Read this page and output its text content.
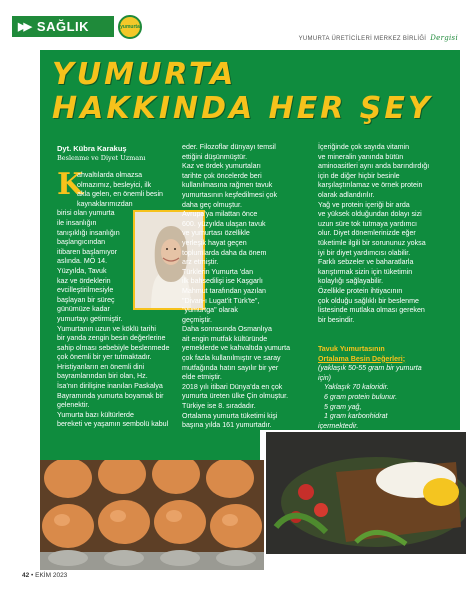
▶▶ SAĞLIK	yumurta
YUMURTA ÜRETİCİLERİ MERKEZ BİRLİĞİ Dergisi
YUMURTA
HAKKINDA HER ŞEY
Dyt. Kübra Karakuş
Beslenme ve Diyet Uzmanı
K
ahvaltılarda olmazsa
olmazımız, besleyici, ilk
akla gelen, en önemli besin
kaynaklarımızdan
birisi olan yumurta
ile insanlığın
tanışıklığı insanlığın
başlangıcından
itibaren başlamıyor
aslında. MÖ 14.
Yüzyılda, Tavuk
kaz ve ördeklerin
evcilleştirilmesiyle
başlayan bir süreç
günümüze kadar
yumurtayı getirmiştir.
Yumurtanın uzun ve köklü tarihi
bir yanda zengin besin değerlerine
sahip olması sebebiyle beslenmede
çok önemli bir yer tutmaktadır.
Hristiyanların en önemli dini
bayramlarından biri olan, Hz.
İsa'nın dirilişine inanılan Paskalya
Bayramında yumurta boyamak bir
gelenektir.
Yumurta bazı kültürlerde
bereketi ve yaşamın sembolü kabul
eder. Filozoflar dünyayı temsil
ettiğini düşünmüştür.
Kaz ve ördek yumurtaları
tarihte çok öncelerde beri
kullanılmasına rağmen tavuk
yumurtasının keşfedilmesi çok
daha geç olmuştur.
Avrupa'ya milattan önce
600. yüzyılda ulaşan tavuk
ve yumurtası özellikle
yerleşik hayat geçen
toplumlarda daha da önem
arz etmiştir.
Türklerin Yumurta 'dan
ilk bahsedilişi ise Kaşgarlı
Mahmut tarafından yazılan
"Divan-ı Lugat'it Türk'te",
"yumurtga" olarak
geçmiştir.
Daha sonrasında Osmanlıya
ait engin mutfak kültüründe
yemeklerde ve kahvaltıda yumurta
çok fazla kullanılmıştır ve saray
mutfağında hatırı sayılır bir yer
elde etmiştir.
2018 yılı itibari Dünya'da en çok
yumurta üreten ülke Çin olmuştur.
Türkiye ise 8. sıradadır.
Ortalama yumurta tüketimi kişi
başına yılda 161 yumurtadır.
İçeriğinde çok sayıda vitamin
ve mineralin yanında bütün
aminoasitleri aynı anda barındırdığı
için de diğer hiçbir besinle
karşılaştırılamaz ve örnek protein
olarak adlandırılır.
Yağ ve protein içeriği bir arda
ve yüksek olduğundan dolayı sizi
uzun süre tok tutmaya yardımcı
olur. Diyet dönemlerinizde eğer
tüketimle ilgili bir sorununuz yoksa
iyi bir diyet yardımcısı olabilir.
Farklı sebzeler ve baharatlarla
karıştırmak sizin için tüketimin
kolaylığı sağlayabilir.
Özellikle protein ihtiyacının
çok olduğu sağlıklı bir beslenme
listesinde mutlaka olması gereken
bir besindir.
Tavuk Yumurtasının
Ortalama Besin Değerleri;
(yaklaşık 50-55 gram bir yumurta
için)
Yaklaşık 70 kaloridir.
6 gram protein bulunur.
5 gram yağ,
1 gram karbonhidrat
içermektedir.
42 • EKİM 2023
